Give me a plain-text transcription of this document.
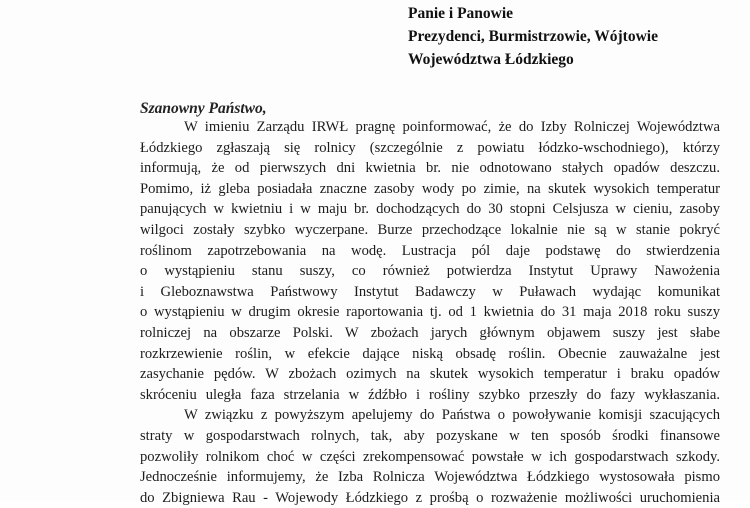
Panie i Panowie
Prezydenci, Burmistrzowie, Wójtowie
Województwa Łódzkiego
Szanowny Państwo,
W imieniu Zarządu IRWŁ pragnę poinformować, że do Izby Rolniczej Województwa
Łódzkiego zgłaszają się rolnicy (szczególnie z powiatu łódzko-wschodniego), którzy
informują, że od pierwszych dni kwietnia br. nie odnotowano stałych opadów deszczu.
Pomimo, iż gleba posiadała znaczne zasoby wody po zimie, na skutek wysokich temperatur
panujących w kwietniu i w maju br. dochodzących do 30 stopni Celsjusza w cieniu, zasoby
wilgoci zostały szybko wyczerpane. Burze przechodzące lokalnie nie są w stanie pokryć
roślinom zapotrzebowania na wodę. Lustracja pól daje podstawę do stwierdzenia
o wystąpieniu stanu suszy, co również potwierdza Instytut Uprawy Nawożenia
i Gleboznawstwa Państwowy Instytut Badawczy w Puławach wydając komunikat
o wystąpieniu w drugim okresie raportowania tj. od 1 kwietnia do 31 maja 2018 roku suszy
rolniczej na obszarze Polski. W zbożach jarych głównym objawem suszy jest słabe
rozkrzewienie roślin, w efekcie dające niską obsadę roślin. Obecnie zauważalne jest
zasychanie pędów. W zbożach ozimych na skutek wysokich temperatur i braku opadów
skróceniu uległa faza strzelania w źdźbło i rośliny szybko przeszły do fazy wykłaszania.
W związku z powyższym apelujemy do Państwa o powoływanie komisji szacujących
straty w gospodarstwach rolnych, tak, aby pozyskane w ten sposób środki finansowe
pozwoliły rolnikom choć w części zrekompensować powstałe w ich gospodarstwach szkody.
Jednocześnie informujemy, że Izba Rolnicza Województwa Łódzkiego wystosowała pismo
do Zbigniewa Rau - Wojewody Łódzkiego z prośbą o rozważenie możliwości uruchomienia
